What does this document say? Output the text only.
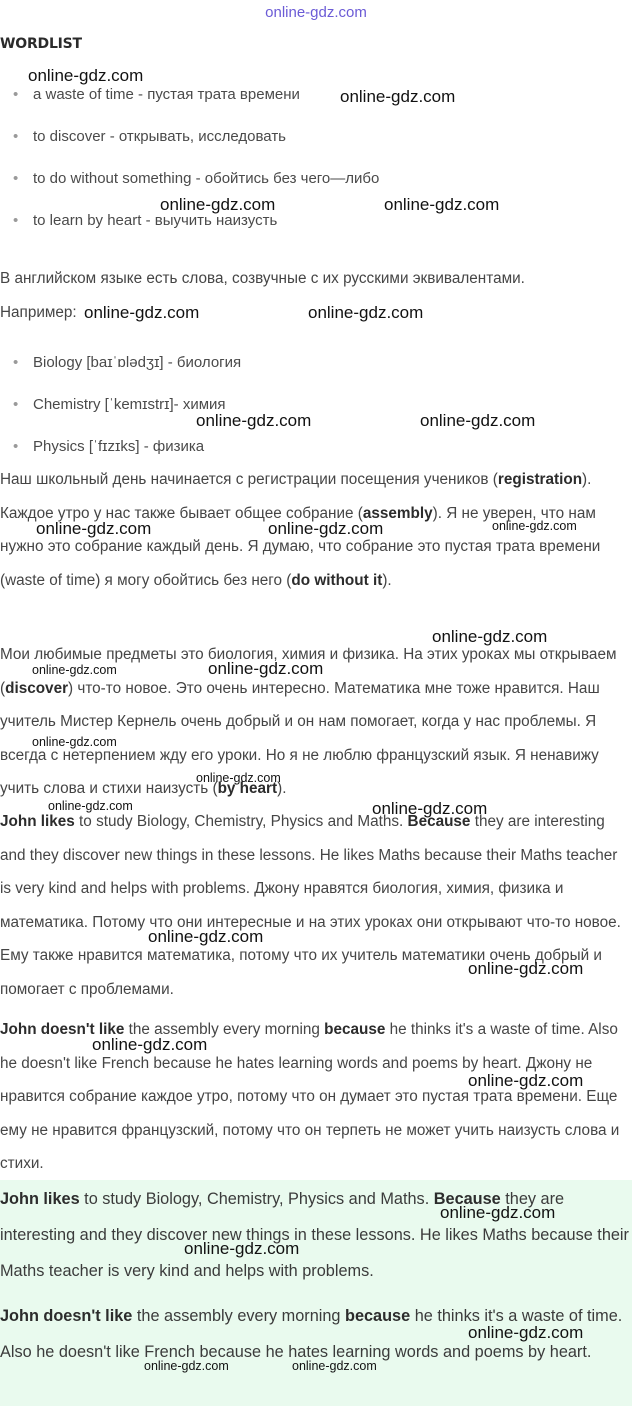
online-gdz.com
WORDLIST
• a waste of time - пустая трата времени
• to discover - открывать, исследовать
• to do without something - обойтись без чего—либо
• to learn by heart - выучить наизусть
В английском языке есть слова, созвучные с их русскими эквивалентами.
Например:
• Biology [baɪˈɒlədʒɪ] - биология
• Chemistry [ˈkemɪstrɪ]- химия
• Physics [ˈfɪzɪks] - физика
Наш школьный день начинается с регистрации посещения учеников (registration). Каждое утро у нас также бывает общее собрание (assembly). Я не уверен, что нам нужно это собрание каждый день. Я думаю, что собрание это пустая трата времени (waste of time) я могу обойтись без него (do without it).
Мои любимые предметы это биология, химия и физика. На этих уроках мы открываем (discover) что-то новое. Это очень интересно. Математика мне тоже нравится. Наш учитель Мистер Кернель очень добрый и он нам помогает, когда у нас проблемы. Я всегда с нетерпением жду его уроки. Но я не люблю французский язык. Я ненавижу учить слова и стихи наизусть (by heart).
John likes to study Biology, Chemistry, Physics and Maths. Because they are interesting and they discover new things in these lessons. He likes Maths because their Maths teacher is very kind and helps with problems. Джону нравятся биология, химия, физика и математика. Потому что они интересные и на этих уроках они открывают что-то новое. Ему также нравится математика, потому что их учитель математики очень добрый и помогает с проблемами.
John doesn't like the assembly every morning because he thinks it's a waste of time. Also he doesn't like French because he hates learning words and poems by heart. Джону не нравится собрание каждое утро, потому что он думает это пустая трата времени. Еще ему не нравится французский, потому что он терпеть не может учить наизусть слова и стихи.
John likes to study Biology, Chemistry, Physics and Maths. Because they are interesting and they discover new things in these lessons. He likes Maths because their Maths teacher is very kind and helps with problems.
John doesn't like the assembly every morning because he thinks it's a waste of time. Also he doesn't like French because he hates learning words and poems by heart.
online-gdz.com
online-gdz.com
online-gdz.com	online-gdz.com
online-gdz.com	online-gdz.com
online-gdz.com	online-gdz.com
online-gdz.com	online-gdz.com	online-gdz.com
online-gdz.com
online-gdz.com	online-gdz.com
online-gdz.com
online-gdz.com
online-gdz.com	online-gdz.com
online-gdz.com
online-gdz.com
online-gdz.com
online-gdz.com
online-gdz.com
online-gdz.com
online-gdz.com
online-gdz.com	online-gdz.com
